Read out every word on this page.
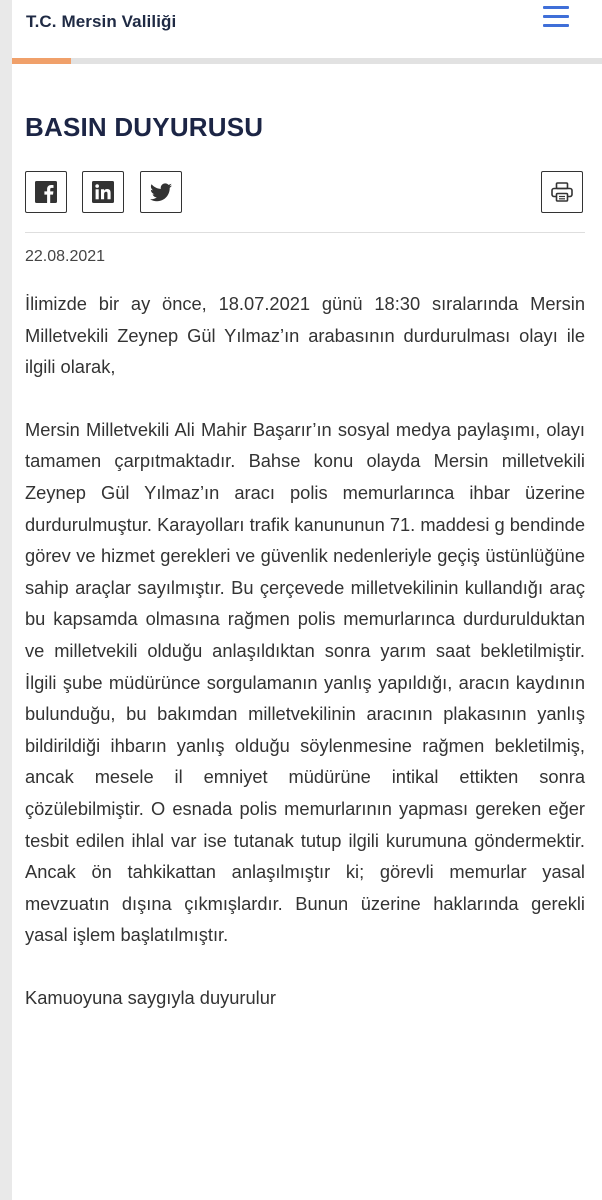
T.C. Mersin Valiliği
BASIN DUYURUSU
22.08.2021

İlimizde bir ay önce, 18.07.2021 günü 18:30 sıralarında Mersin Milletvekili Zeynep Gül Yılmaz’ın arabasının durdurulması olayı ile ilgili olarak,

Mersin Milletvekili Ali Mahir Başarır’ın sosyal medya paylaşımı, olayı tamamen çarpıtmaktadır. Bahse konu olayda Mersin milletvekili Zeynep Gül Yılmaz’ın aracı polis memurlarınca ihbar üzerine durdurulmuştur. Karayolları trafik kanununun 71. maddesi g bendinde görev ve hizmet gerekleri ve güvenlik nedenleriyle geçiş üstünlüğüne sahip araçlar sayılmıştır. Bu çerçevede milletvekilinin kullandığı araç bu kapsamda olmasına rağmen polis memurlarınca durdurulduktan ve milletvekili olduğu anlaşıldıktan sonra yarım saat bekletilmiştir. İlgili şube müdürünce sorgulamanın yanlış yapıldığı, aracın kaydının bulunduğu, bu bakımdan milletvekilinin aracının plakasının yanlış bildirildiği ihbarın yanlış olduğu söylenmesine rağmen bekletilmiş, ancak mesele il emniyet müdürüne intikal ettikten sonra çözülebilmiştir. O esnada polis memurlarının yapması gereken eğer tesbit edilen ihlal var ise tutanak tutup ilgili kurumuna göndermektir. Ancak ön tahkikattan anlaşılmıştır ki; görevli memurlar yasal mevzuatın dışına çıkmışlardır. Bunun üzerine haklarında gerekli yasal işlem başlatılmıştır.

Kamuoyuna saygıyla duyurulur
